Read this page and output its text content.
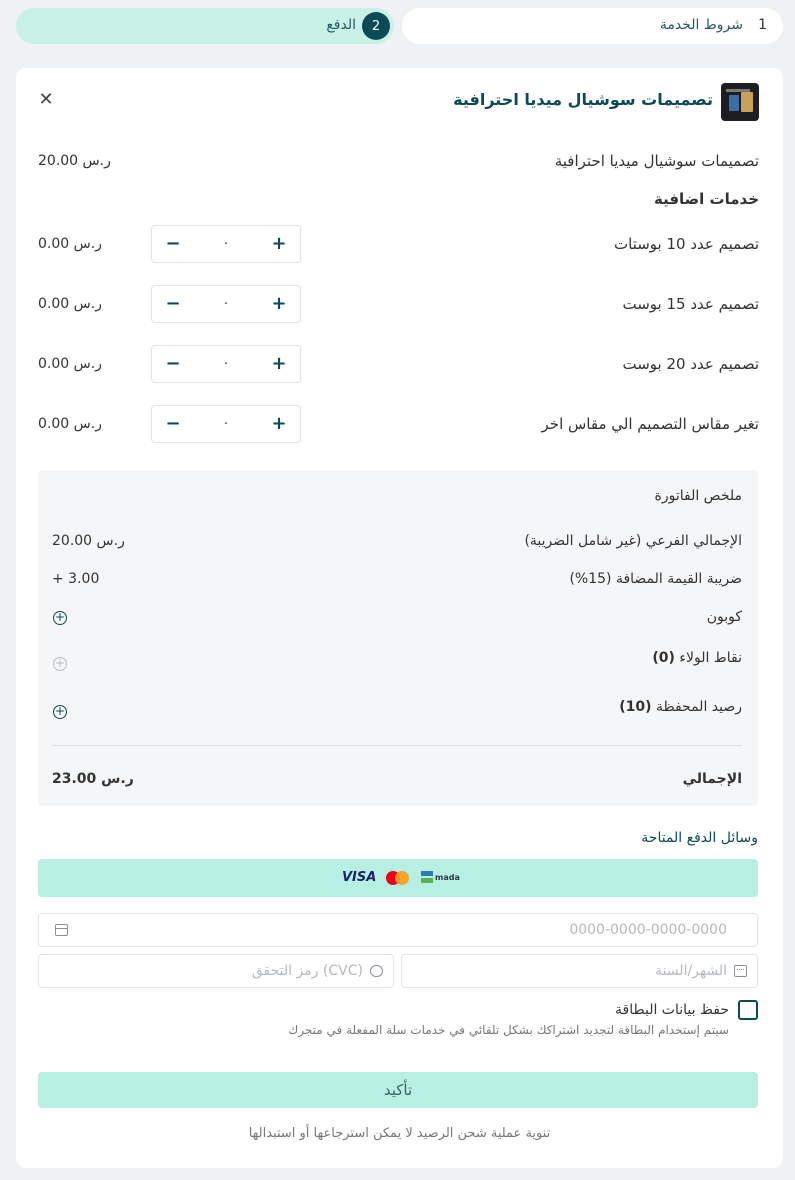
1
شروط الخدمة
2
الدفع
تصميمات سوشيال ميديا احترافية
✕
تصميمات سوشيال ميديا احترافية
20.00 ر.س
خدمات اضافية
تصميم عدد 10 بوستات
−	٠	+
0.00 ر.س
تصميم عدد 15 بوست
−	٠	+
0.00 ر.س
تصميم عدد 20 بوست
−	٠	+
0.00 ر.س
تغير مقاس التصميم الي مقاس اخر
−	٠	+
0.00 ر.س
ملخص الفاتورة
الإجمالي الفرعي (غير شامل الضريبة)
20.00 ر.س
ضريبة القيمة المضافة (15%)
+ 3.00
كوبون
+
نقاط الولاء (0)
+
رصيد المحفظة (10)
+
الإجمالي
23.00 ر.س
وسائل الدفع المتاحة
VISA	mada
0000-0000-0000-0000
الشهر/السنة
رمز التحقق (CVC)
حفظ بيانات البطاقة
سيتم إستخدام البطاقة لتجديد اشتراكك بشكل تلقائي في خدمات سلة المفعلة في متجرك
تأكيد
تنوية عملية شحن الرصيد لا يمكن استرجاعها أو استبدالها
